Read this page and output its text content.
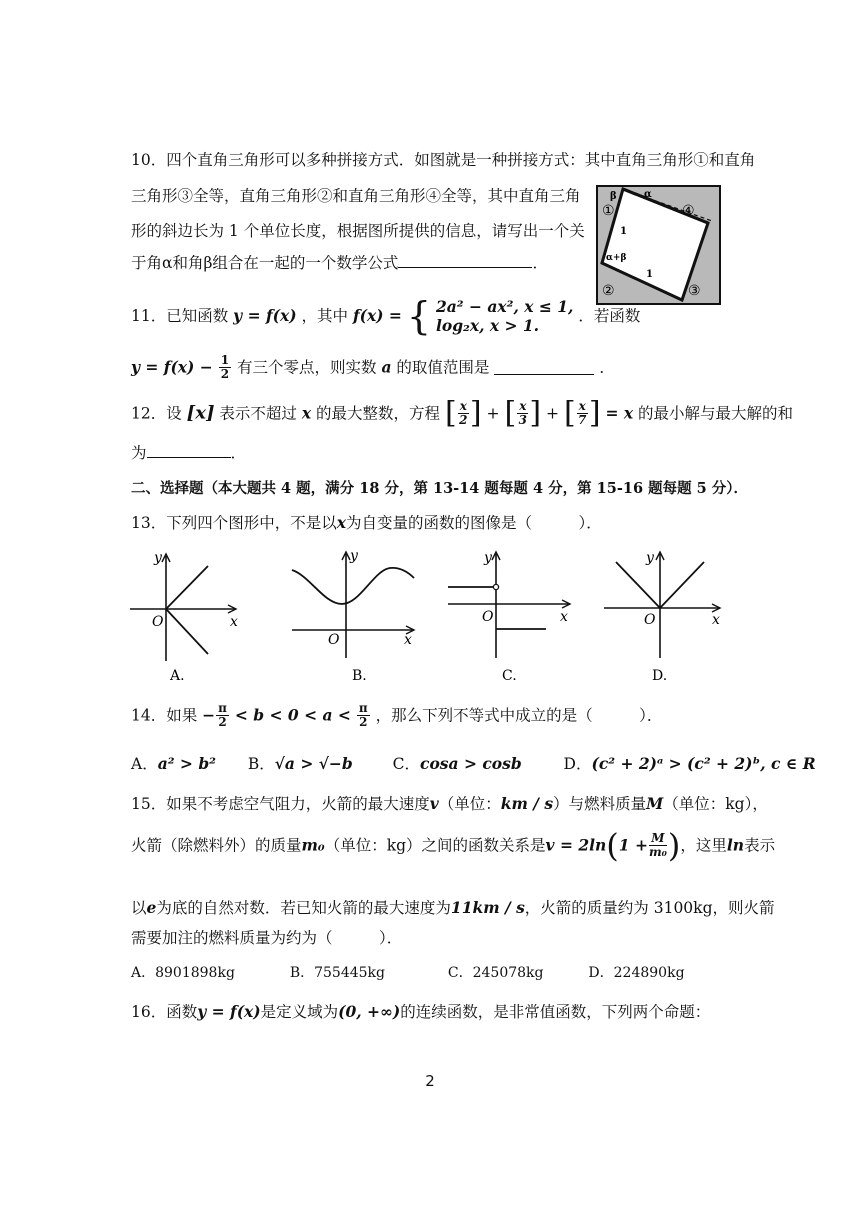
10．四个直角三角形可以多种拼接方式．如图就是一种拼接方式：其中直角三角形①和直角
三角形③全等，直角三角形②和直角三角形④全等，其中直角三角
形的斜边长为 1 个单位长度，根据图所提供的信息，请写出一个关
于角α和角β组合在一起的一个数学公式	．
β	α
①	④
1
α+β
1
②	③
11．已知函数 y = f(x) ，其中 f(x) = { 2a² − ax², x ≤ 1,
log₂x, x > 1.	．若函数
$y = f(x) - \frac{1}{2}$ 有三个零点，则实数 a 的取值范围是	．
12．设 [x] 表示不超过 x 的最大整数，方程 [ $\frac{x}{2}$ ] + [ $\frac{x}{3}$ ] + [ $\frac{x}{7}$ ] = x 的最小解与最大解的和
为	．
二、选择题（本大题共 4 题，满分 18 分，第 13-14 题每题 4 分，第 15-16 题每题 5 分）．
13．下列四个图形中，不是以x为自变量的函数的图像是（　　　）．
y
O	x
A.
y
O	x
B.
y
O	x
C.
y
O	x
D.
14．如果 − $\frac{\pi}{2} < b < 0 < a < \frac{\pi}{2}$ ，那么下列不等式中成立的是（　　　）．
A．a² > b² B．√a > √−b	C．cosa > cosb	D．(c² + 2)ᵃ > (c² + 2)ᵇ, c ∈ R
15．如果不考虑空气阻力，火箭的最大速度v（单位：km / s）与燃料质量M（单位：kg），
火箭（除燃料外）的质量m₀（单位：kg）之间的函数关系是$v = 2\ln(1 + \frac{M}{\text{m₀}}$ )，这里ln表示
以e为底的自然对数．若已知火箭的最大速度为11km / s，火箭的质量约为 3100kg，则火箭
需要加注的燃料质量为约为（　　　）．
A．8901898kg	B．755445kg	C．245078kg	D．224890kg
16．函数y = f(x)是定义域为(0, +∞)的连续函数，是非常值函数，下列两个命题：
2
